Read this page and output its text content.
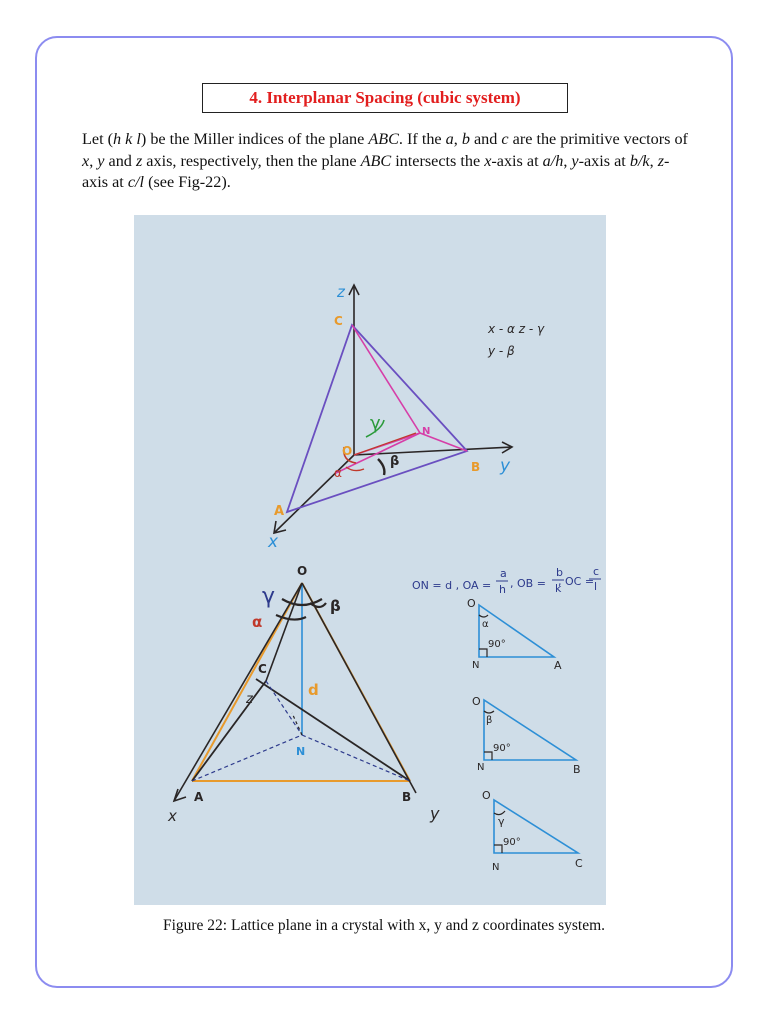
4. Interplanar Spacing (cubic system)
Let (h k l) be the Miller indices of the plane ABC. If the a, b and c are the primitive vectors of x, y and z axis, respectively, then the plane ABC intersects the x-axis at a/h, y-axis at b/k, z-axis at c/l (see Fig-22).
z
C
O
N
B y
A
x
γ
β
α
x - α z - γ
y - β
O
C
N
A	B
d
z
x	y
γ	β
α
ON = d , OA =
a
h , OB =
b
k
, OC =
c
l
O
N	A
α
90°
O
N	B
β
90°
O
N	C
γ
90°
Figure 22: Lattice plane in a crystal with x, y and z coordinates system.
